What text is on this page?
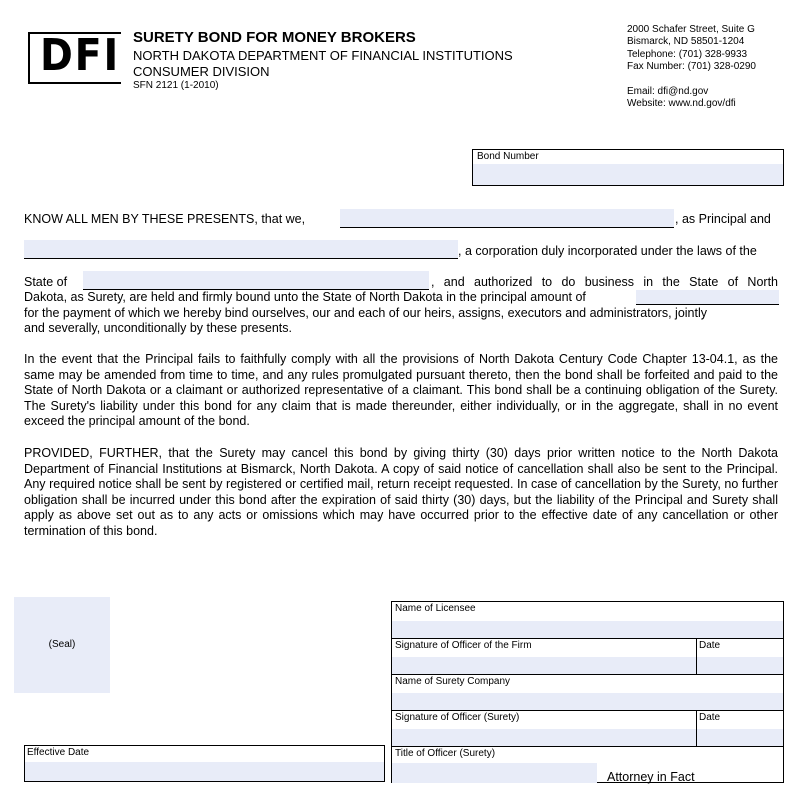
DFI SURETY BOND FOR MONEY BROKERS
NORTH DAKOTA DEPARTMENT OF FINANCIAL INSTITUTIONS
CONSUMER DIVISION
SFN 2121 (1-2010)
2000 Schafer Street, Suite G
Bismarck, ND 58501-1204
Telephone: (701) 328-9933
Fax Number: (701) 328-0290
Email: dfi@nd.gov
Website: www.nd.gov/dfi
Bond Number
KNOW ALL MEN BY THESE PRESENTS, that we,	, as Principal and
, a corporation duly incorporated under the laws of the
State of	, and authorized to do business in the State of North
Dakota, as Surety, are held and firmly bound unto the State of North Dakota in the principal amount of
for the payment of which we hereby bind ourselves, our and each of our heirs, assigns, executors and administrators, jointly
and severally, unconditionally by these presents.

In the event that the Principal fails to faithfully comply with all the provisions of North Dakota Century Code Chapter 13-04.1, as the same may be amended from time to time, and any rules promulgated pursuant thereto, then the bond shall be forfeited and paid to the State of North Dakota or a claimant or authorized representative of a claimant. This bond shall be a continuing obligation of the Surety. The Surety's liability under this bond for any claim that is made thereunder, either individually, or in the aggregate, shall in no event exceed the principal amount of the bond.

PROVIDED, FURTHER, that the Surety may cancel this bond by giving thirty (30) days prior written notice to the North Dakota Department of Financial Institutions at Bismarck, North Dakota. A copy of said notice of cancellation shall also be sent to the Principal. Any required notice shall be sent by registered or certified mail, return receipt requested. In case of cancellation by the Surety, no further obligation shall be incurred under this bond after the expiration of said thirty (30) days, but the liability of the Principal and Surety shall apply as above set out as to any acts or omissions which may have occurred prior to the effective date of any cancellation or other termination of this bond.

(Seal)
Effective Date
Name of Licensee
Signature of Officer of the Firm	Date
Name of Surety Company
Signature of Officer (Surety)	Date
Title of Officer (Surety)
Attorney in Fact
